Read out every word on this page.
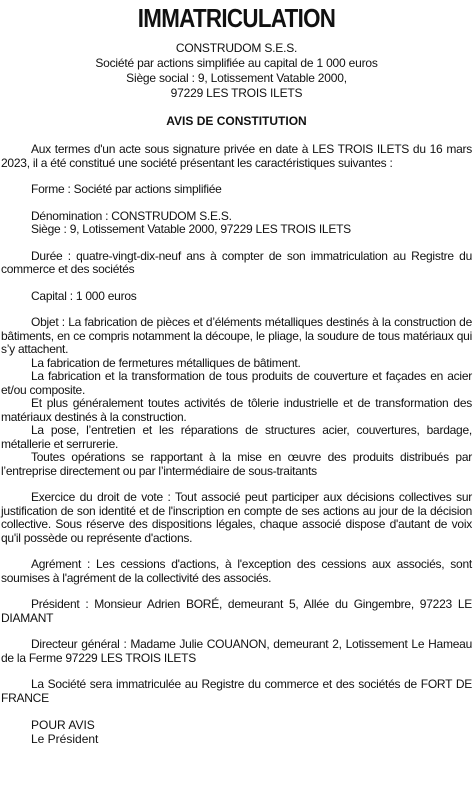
IMMATRICULATION
CONSTRUDOM S.E.S.
Société par actions simplifiée au capital de 1 000 euros
Siège social : 9, Lotissement Vatable 2000,
97229 LES TROIS ILETS
AVIS DE CONSTITUTION

Aux termes d'un acte sous signature privée en date à LES TROIS ILETS du 16 mars 2023, il a été constitué une société présentant les caractéristiques suivantes :

Forme : Société par actions simplifiée

Dénomination : CONSTRUDOM S.E.S.

Siège : 9, Lotissement Vatable 2000, 97229 LES TROIS ILETS

Durée : quatre-vingt-dix-neuf ans à compter de son immatriculation au Registre du commerce et des sociétés

Capital : 1 000 euros

Objet : La fabrication de pièces et d’éléments métalliques destinés à la construction de bâtiments, en ce compris notamment la découpe, le pliage, la soudure de tous matériaux qui s’y attachent.

La fabrication de fermetures métalliques de bâtiment.

La fabrication et la transformation de tous produits de couverture et façades en acier et/ou composite.

Et plus généralement toutes activités de tôlerie industrielle et de transformation des matériaux destinés à la construction.

La pose, l’entretien et les réparations de structures acier, couvertures, bardage, métallerie et serrurerie.

Toutes opérations se rapportant à la mise en œuvre des produits distribués par l’entreprise directement ou par l’intermédiaire de sous-traitants

Exercice du droit de vote : Tout associé peut participer aux décisions collectives sur justification de son identité et de l'inscription en compte de ses actions au jour de la décision collective. Sous réserve des dispositions légales, chaque associé dispose d'autant de voix qu'il possède ou représente d'actions.

Agrément : Les cessions d'actions, à l'exception des cessions aux associés, sont soumises à l'agrément de la collectivité des associés.

Président : Monsieur Adrien BORÉ, demeurant 5, Allée du Gingembre, 97223 LE DIAMANT

Directeur général : Madame Julie COUANON, demeurant 2, Lotissement Le Hameau de la Ferme 97229 LES TROIS ILETS

La Société sera immatriculée au Registre du commerce et des sociétés de FORT DE FRANCE

POUR AVIS
Le Président
